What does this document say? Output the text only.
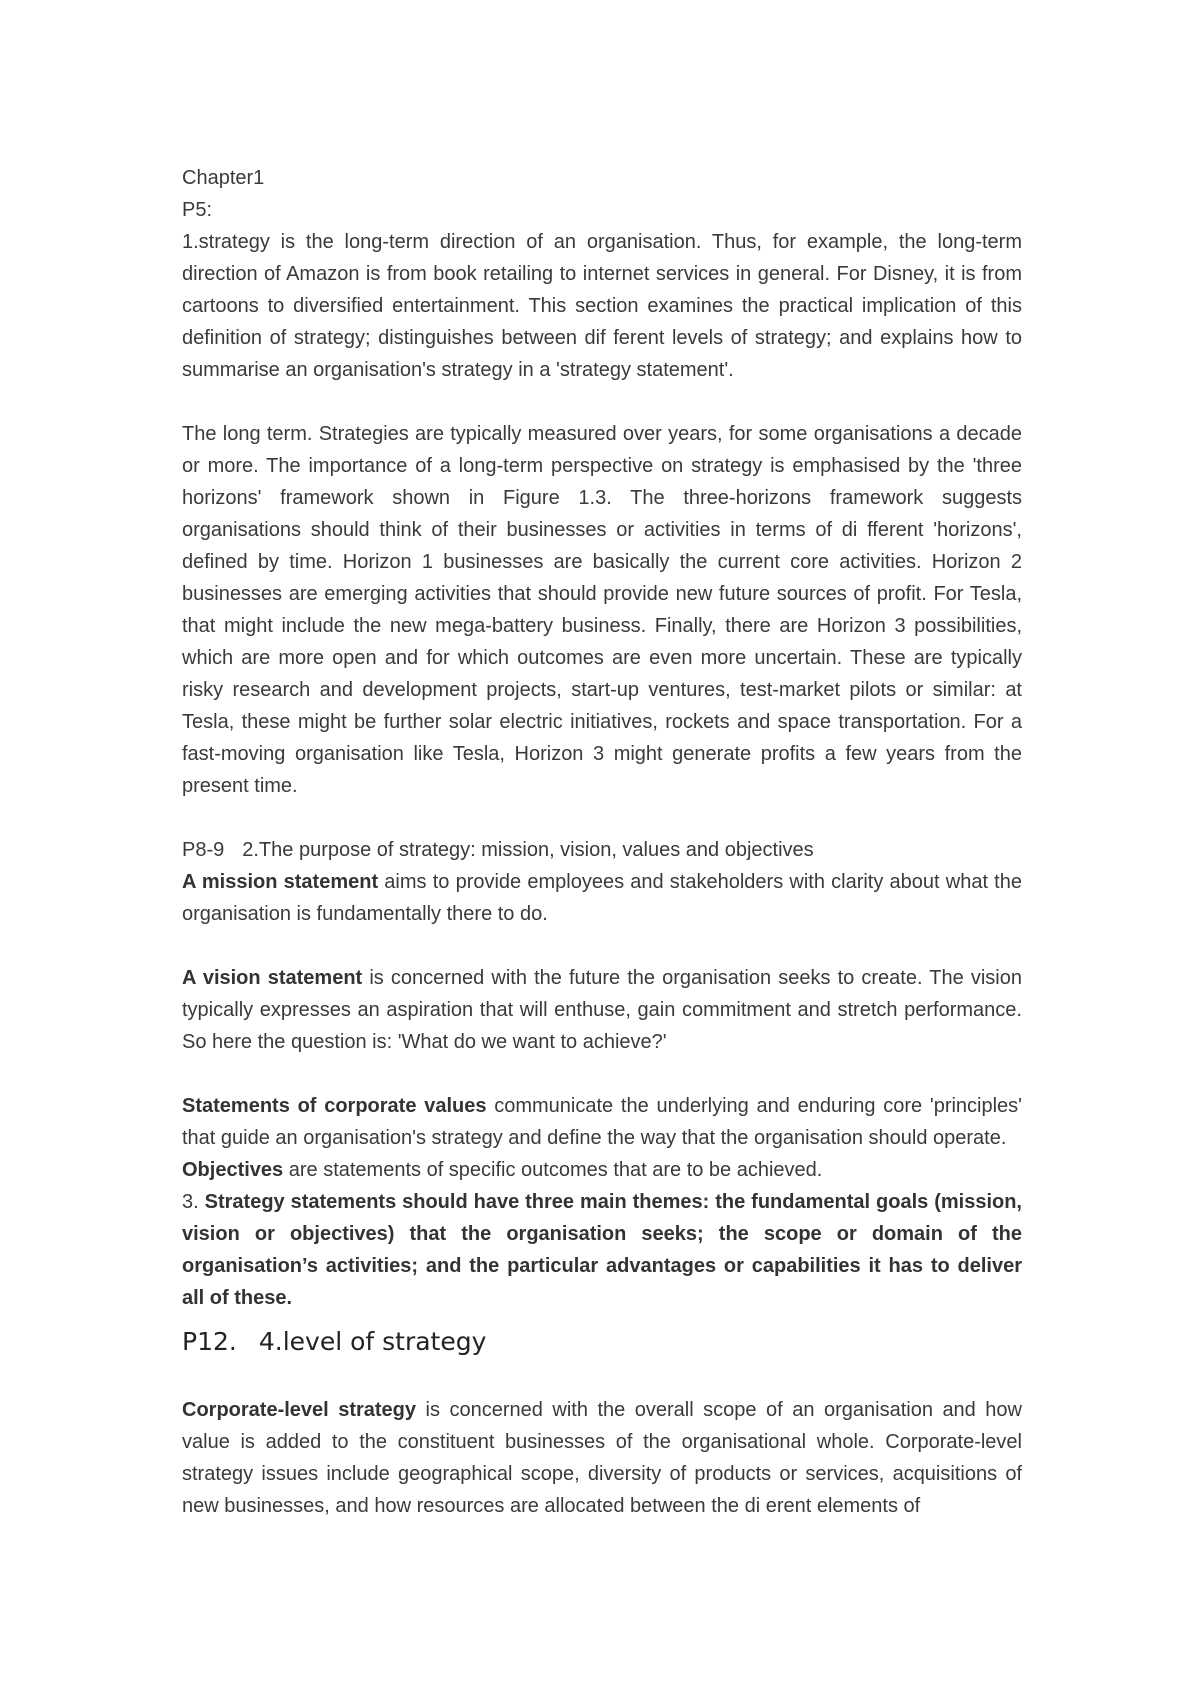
Chapter1

P5:

1.strategy is the long-term direction of an organisation. Thus, for example, the long-term direction of Amazon is from book retailing to internet services in general. For Disney, it is from cartoons to diversified entertainment. This section examines the practical implication of this definition of strategy; distinguishes between dif ferent levels of strategy; and explains how to summarise an organisation's strategy in a 'strategy statement'.

The long term. Strategies are typically measured over years, for some organisations a decade or more. The importance of a long-term perspective on strategy is emphasised by the 'three horizons' framework shown in Figure 1.3. The three-horizons framework suggests organisations should think of their businesses or activities in terms of di fferent 'horizons', defined by time. Horizon 1 businesses are basically the current core activities. Horizon 2 businesses are emerging activities that should provide new future sources of profit. For Tesla, that might include the new mega-battery business. Finally, there are Horizon 3 possibilities, which are more open and for which outcomes are even more uncertain. These are typically risky research and development projects, start-up ventures, test-market pilots or similar: at Tesla, these might be further solar electric initiatives, rockets and space transportation. For a fast-moving organisation like Tesla, Horizon 3 might generate profits a few years from the present time.

P8-9 2.The purpose of strategy: mission, vision, values and objectives

A mission statement aims to provide employees and stakeholders with clarity about what the organisation is fundamentally there to do.

A vision statement is concerned with the future the organisation seeks to create. The vision typically expresses an aspiration that will enthuse, gain commitment and stretch performance. So here the question is: 'What do we want to achieve?'

Statements of corporate values communicate the underlying and enduring core 'principles' that guide an organisation's strategy and define the way that the organisation should operate.

Objectives are statements of specific outcomes that are to be achieved.

3. Strategy statements should have three main themes: the fundamental goals (mission, vision or objectives) that the organisation seeks; the scope or domain of the organisation’s activities; and the particular advantages or capabilities it has to deliver all of these.

P12. 4.level of strategy

Corporate-level strategy is concerned with the overall scope of an organisation and how value is added to the constituent businesses of the organisational whole. Corporate-level strategy issues include geographical scope, diversity of products or services, acquisitions of new businesses, and how resources are allocated between the di erent elements of
